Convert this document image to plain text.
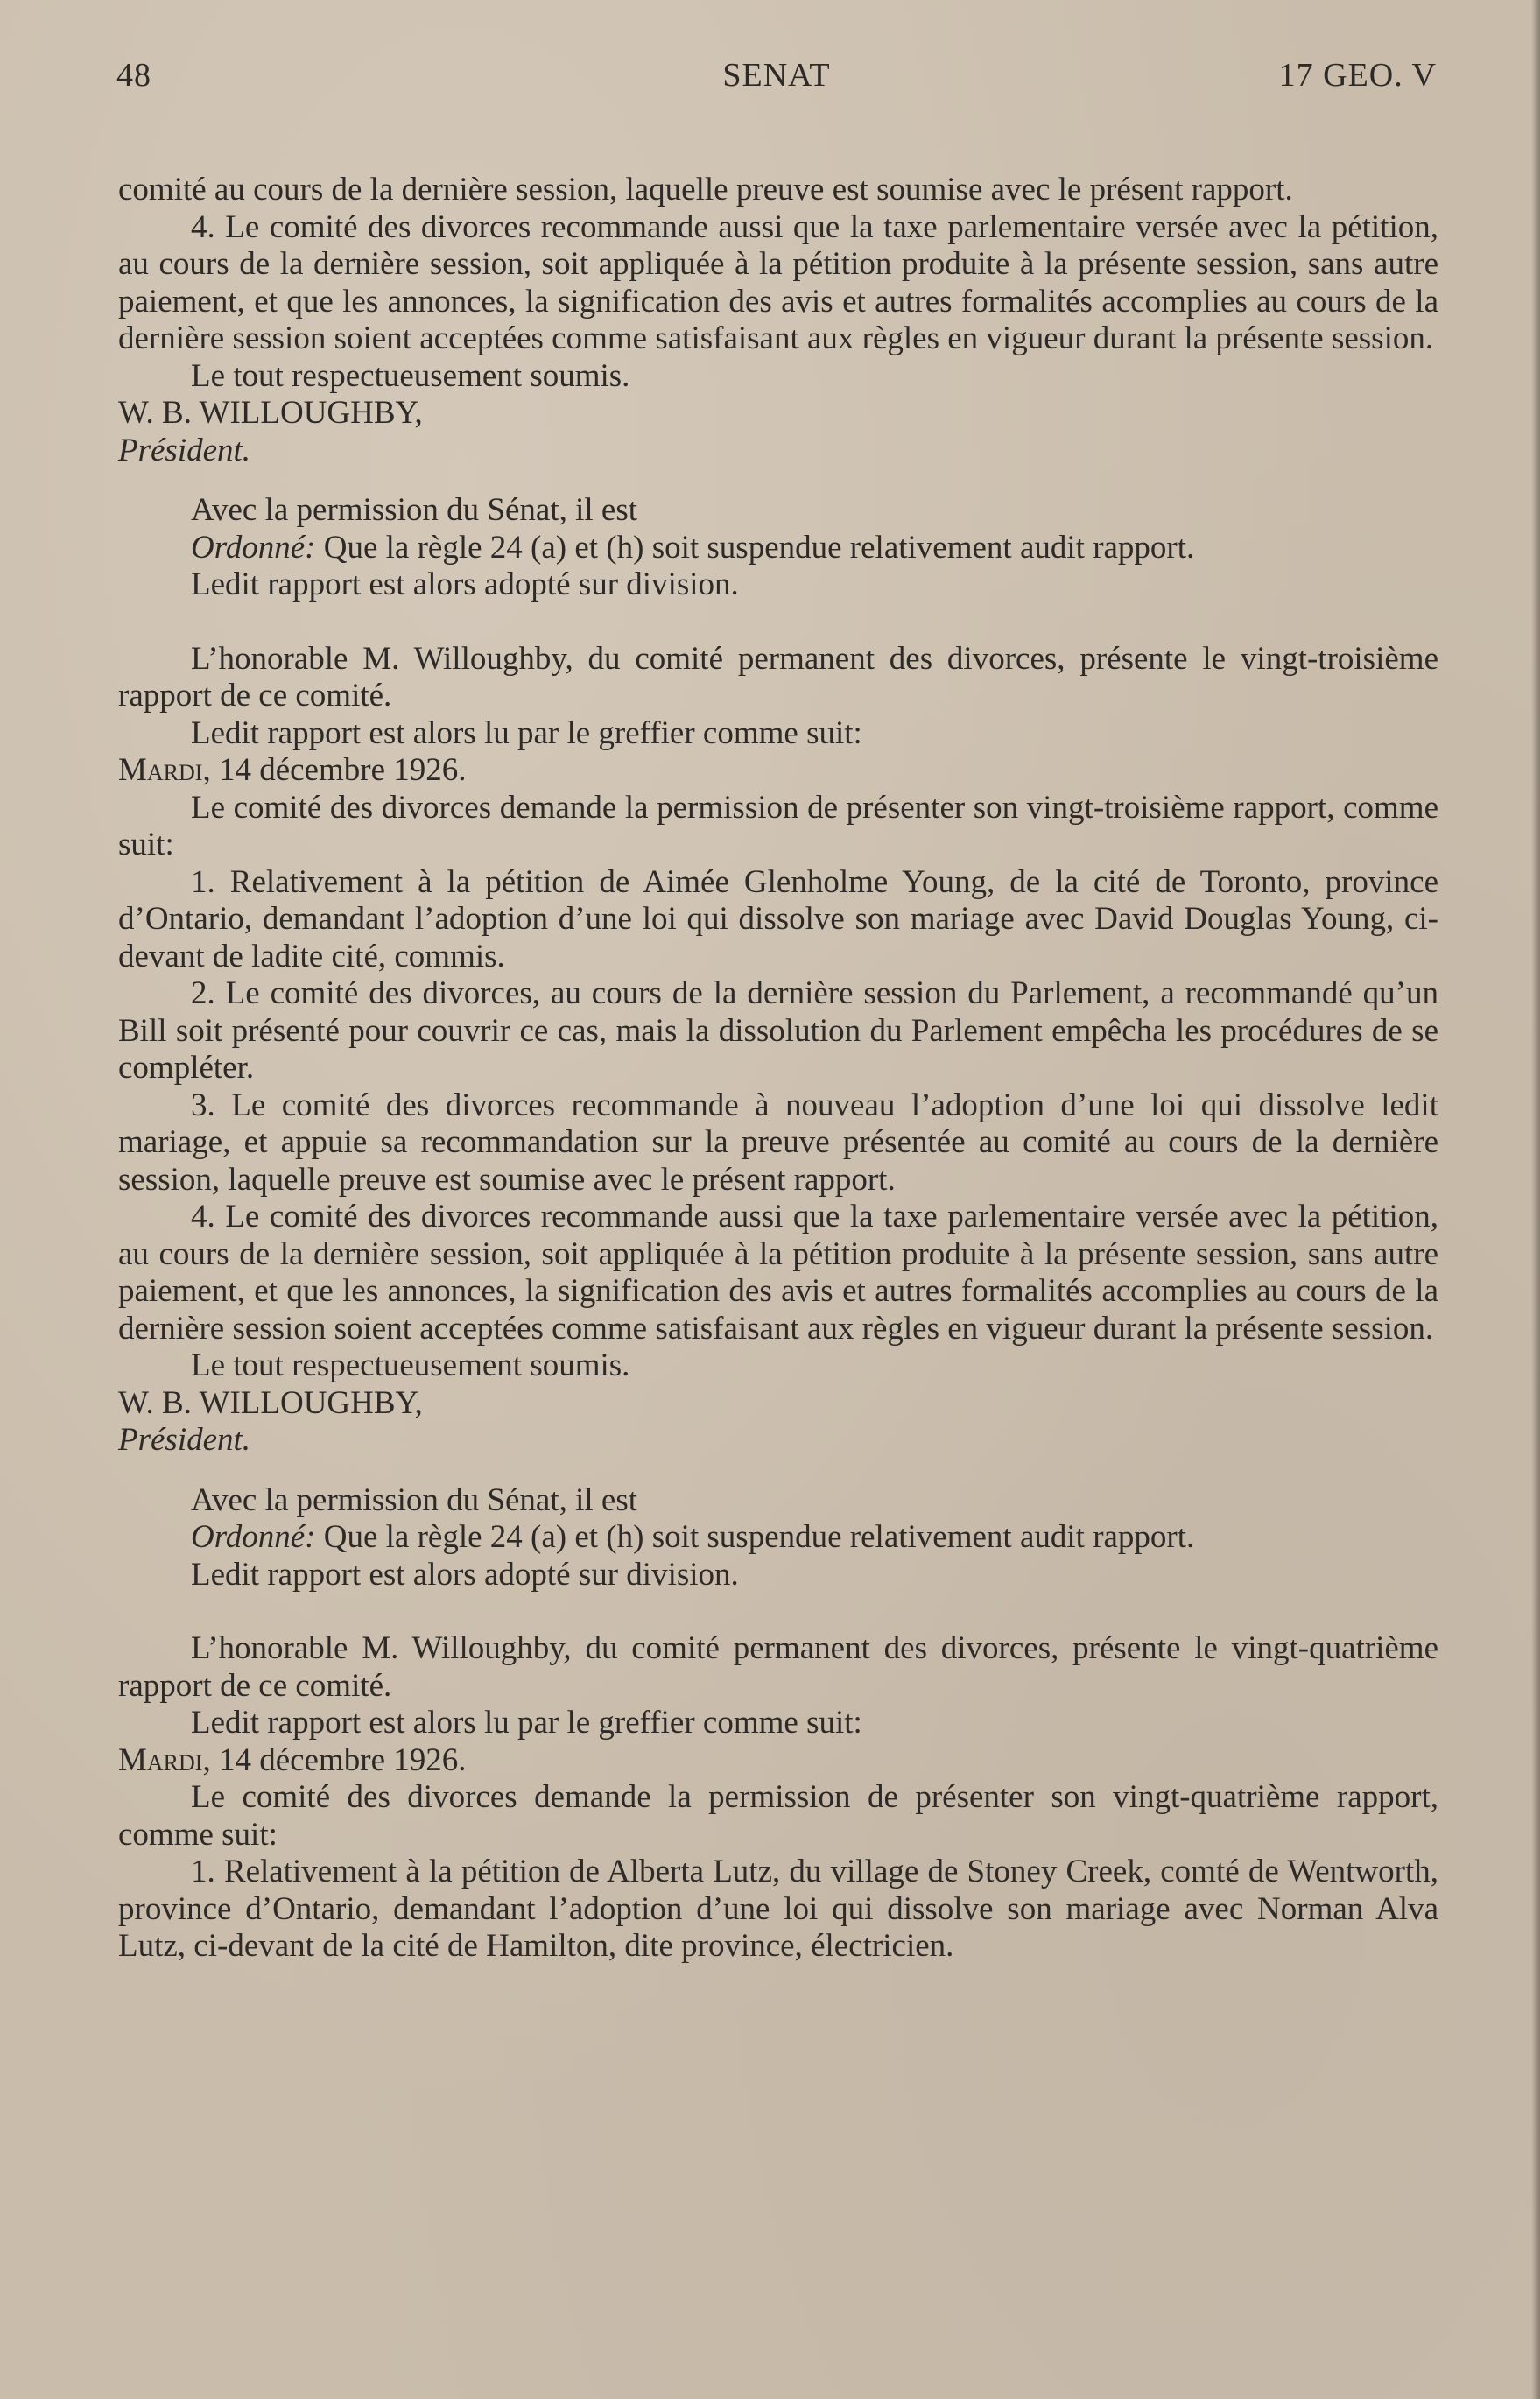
48	SENAT	17 GEO. V

comité au cours de la dernière session, laquelle preuve est soumise avec le présent rapport.

4. Le comité des divorces recommande aussi que la taxe parlementaire versée avec la pétition, au cours de la dernière session, soit appliquée à la pétition produite à la présente session, sans autre paiement, et que les annonces, la signification des avis et autres formalités accomplies au cours de la dernière session soient acceptées comme satisfaisant aux règles en vigueur durant la présente session.

Le tout respectueusement soumis.

W. B. WILLOUGHBY,

Président.

Avec la permission du Sénat, il est

Ordonné: Que la règle 24 (a) et (h) soit suspendue relativement audit rapport.

Ledit rapport est alors adopté sur division.

L’honorable M. Willoughby, du comité permanent des divorces, présente le vingt-troisième rapport de ce comité.

Ledit rapport est alors lu par le greffier comme suit:

Mardi, 14 décembre 1926.

Le comité des divorces demande la permission de présenter son vingt-troisième rapport, comme suit:

1. Relativement à la pétition de Aimée Glenholme Young, de la cité de Toronto, province d’Ontario, demandant l’adoption d’une loi qui dissolve son mariage avec David Douglas Young, ci-devant de ladite cité, commis.

2. Le comité des divorces, au cours de la dernière session du Parlement, a recommandé qu’un Bill soit présenté pour couvrir ce cas, mais la dissolution du Parlement empêcha les procédures de se compléter.

3. Le comité des divorces recommande à nouveau l’adoption d’une loi qui dissolve ledit mariage, et appuie sa recommandation sur la preuve présentée au comité au cours de la dernière session, laquelle preuve est soumise avec le présent rapport.

4. Le comité des divorces recommande aussi que la taxe parlementaire versée avec la pétition, au cours de la dernière session, soit appliquée à la pétition produite à la présente session, sans autre paiement, et que les annonces, la signification des avis et autres formalités accomplies au cours de la dernière session soient acceptées comme satisfaisant aux règles en vigueur durant la présente session.

Le tout respectueusement soumis.

W. B. WILLOUGHBY,

Président.

Avec la permission du Sénat, il est

Ordonné: Que la règle 24 (a) et (h) soit suspendue relativement audit rapport.

Ledit rapport est alors adopté sur division.

L’honorable M. Willoughby, du comité permanent des divorces, présente le vingt-quatrième rapport de ce comité.

Ledit rapport est alors lu par le greffier comme suit:

Mardi, 14 décembre 1926.

Le comité des divorces demande la permission de présenter son vingt-quatrième rapport, comme suit:

1. Relativement à la pétition de Alberta Lutz, du village de Stoney Creek, comté de Wentworth, province d’Ontario, demandant l’adoption d’une loi qui dissolve son mariage avec Norman Alva Lutz, ci-devant de la cité de Hamilton, dite province, électricien.
